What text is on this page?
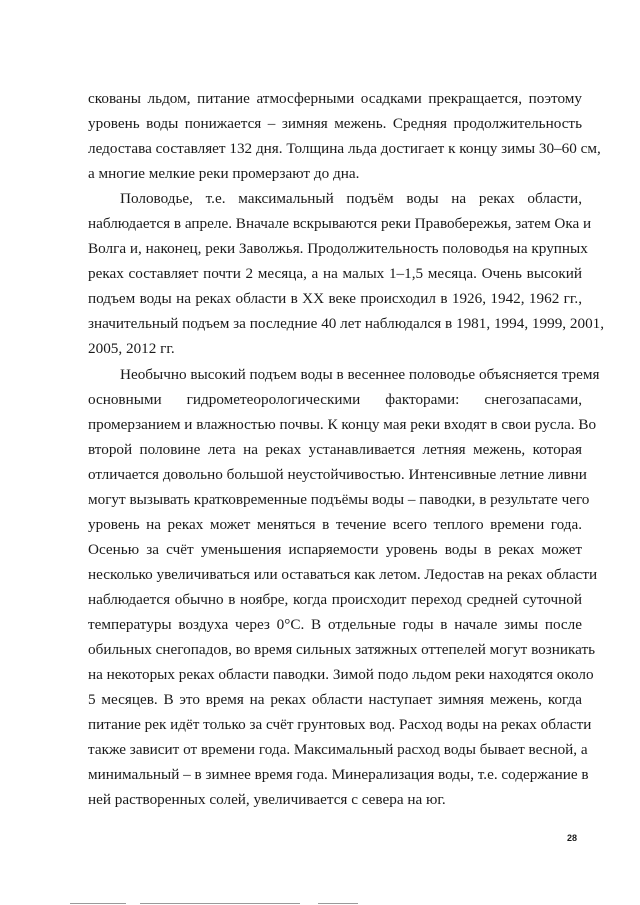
скованы льдом, питание атмосферными осадками прекращается, поэтому
уровень воды понижается – зимняя межень. Средняя продолжительность
ледостава составляет 132 дня. Толщина льда достигает к концу зимы 30–60 см,
а многие мелкие реки промерзают до дна.
Половодье, т.е. максимальный подъём воды на реках области,
наблюдается в апреле. Вначале вскрываются реки Правобережья, затем Ока и
Волга и, наконец, реки Заволжья. Продолжительность половодья на крупных
реках составляет почти 2 месяца, а на малых 1–1,5 месяца. Очень высокий
подъем воды на реках области в XX веке происходил в 1926, 1942, 1962 гг.,
значительный подъем за последние 40 лет наблюдался в 1981, 1994, 1999, 2001,
2005, 2012 гг.
Необычно высокий подъем воды в весеннее половодье объясняется тремя
основными гидрометеорологическими факторами: снегозапасами,
промерзанием и влажностью почвы. К концу мая реки входят в свои русла. Во
второй половине лета на реках устанавливается летняя межень, которая
отличается довольно большой неустойчивостью. Интенсивные летние ливни
могут вызывать кратковременные подъёмы воды – паводки, в результате чего
уровень на реках может меняться в течение всего теплого времени года.
Осенью за счёт уменьшения испаряемости уровень воды в реках может
несколько увеличиваться или оставаться как летом. Ледостав на реках области
наблюдается обычно в ноябре, когда происходит переход средней суточной
температуры воздуха через 0°С. В отдельные годы в начале зимы после
обильных снегопадов, во время сильных затяжных оттепелей могут возникать
на некоторых реках области паводки. Зимой подо льдом реки находятся около
5 месяцев. В это время на реках области наступает зимняя межень, когда
питание рек идёт только за счёт грунтовых вод. Расход воды на реках области
также зависит от времени года. Максимальный расход воды бывает весной, а
минимальный – в зимнее время года. Минерализация воды, т.е. содержание в
ней растворенных солей, увеличивается с севера на юг.
28
